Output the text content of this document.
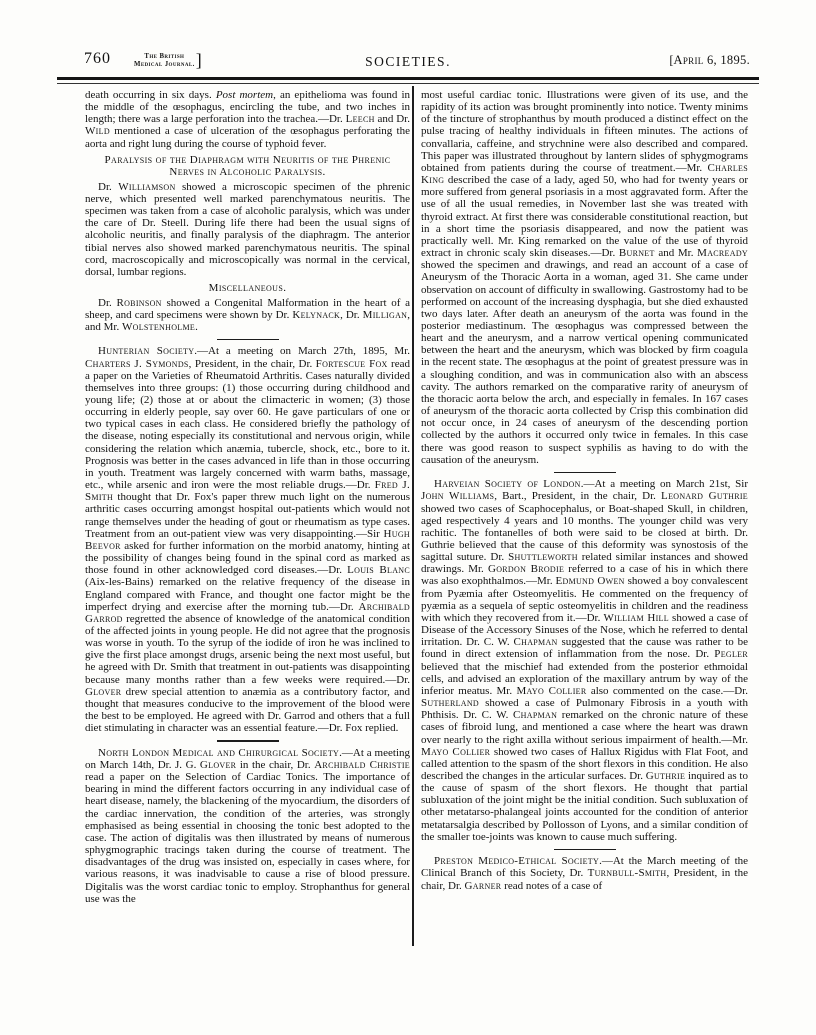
760	The British
Medical Journal. ]	SOCIETIES.	[April 6, 1895.

death occurring in six days. Post mortem, an epithelioma was found in the middle of the œsophagus, encircling the tube, and two inches in length; there was a large perforation into the trachea.—Dr. Leech and Dr. Wild mentioned a case of ulceration of the œsophagus perforating the aorta and right lung during the course of typhoid fever.

Paralysis of the Diaphragm with Neuritis of the Phrenic Nerves in Alcoholic Paralysis.

Dr. Williamson showed a microscopic specimen of the phrenic nerve, which presented well marked parenchymatous neuritis. The specimen was taken from a case of alcoholic paralysis, which was under the care of Dr. Steell. During life there had been the usual signs of alcoholic neuritis, and finally paralysis of the diaphragm. The anterior tibial nerves also showed marked parenchymatous neuritis. The spinal cord, macroscopically and microscopically was normal in the cervical, dorsal, lumbar regions.

Miscellaneous.

Dr. Robinson showed a Congenital Malformation in the heart of a sheep, and card specimens were shown by Dr. Kelynack, Dr. Milligan, and Mr. Wolstenholme.

Hunterian Society.—At a meeting on March 27th, 1895, Mr. Charters J. Symonds, President, in the chair, Dr. Fortescue Fox read a paper on the Varieties of Rheumatoid Arthritis. Cases naturally divided themselves into three groups: (1) those occurring during childhood and young life; (2) those at or about the climacteric in women; (3) those occurring in elderly people, say over 60. He gave particulars of one or two typical cases in each class. He considered briefly the pathology of the disease, noting especially its constitutional and nervous origin, while considering the relation which anæmia, tubercle, shock, etc., bore to it. Prognosis was better in the cases advanced in life than in those occurring in youth. Treatment was largely concerned with warm baths, massage, etc., while arsenic and iron were the most reliable drugs.—Dr. Fred J. Smith thought that Dr. Fox's paper threw much light on the numerous arthritic cases occurring amongst hospital out-patients which would not range themselves under the heading of gout or rheumatism as type cases. Treatment from an out-patient view was very disappointing.—Sir Hugh Beevor asked for further information on the morbid anatomy, hinting at the possibility of changes being found in the spinal cord as marked as those found in other acknowledged cord diseases.—Dr. Louis Blanc (Aix-les-Bains) remarked on the relative frequency of the disease in England compared with France, and thought one factor might be the imperfect drying and exercise after the morning tub.—Dr. Archibald Garrod regretted the absence of knowledge of the anatomical condition of the affected joints in young people. He did not agree that the prognosis was worse in youth. To the syrup of the iodide of iron he was inclined to give the first place amongst drugs, arsenic being the next most useful, but he agreed with Dr. Smith that treatment in out-patients was disappointing because many months rather than a few weeks were required.—Dr. Glover drew special attention to anæmia as a contributory factor, and thought that measures conducive to the improvement of the blood were the best to be employed. He agreed with Dr. Garrod and others that a full diet stimulating in character was an essential feature.—Dr. Fox replied.

North London Medical and Chirurgical Society.—At a meeting on March 14th, Dr. J. G. Glover in the chair, Dr. Archibald Christie read a paper on the Selection of Cardiac Tonics. The importance of bearing in mind the different factors occurring in any individual case of heart disease, namely, the blackening of the myocardium, the disorders of the cardiac innervation, the condition of the arteries, was strongly emphasised as being essential in choosing the tonic best adopted to the case. The action of digitalis was then illustrated by means of numerous sphygmographic tracings taken during the course of treatment. The disadvantages of the drug was insisted on, especially in cases where, for various reasons, it was inadvisable to cause a rise of blood pressure. Digitalis was the worst cardiac tonic to employ. Strophanthus for general use was the

most useful cardiac tonic. Illustrations were given of its use, and the rapidity of its action was brought prominently into notice. Twenty minims of the tincture of strophanthus by mouth produced a distinct effect on the pulse tracing of healthy individuals in fifteen minutes. The actions of convallaria, caffeine, and strychnine were also described and compared. This paper was illustrated throughout by lantern slides of sphygmograms obtained from patients during the course of treatment.—Mr. Charles King described the case of a lady, aged 50, who had for twenty years or more suffered from general psoriasis in a most aggravated form. After the use of all the usual remedies, in November last she was treated with thyroid extract. At first there was considerable constitutional reaction, but in a short time the psoriasis disappeared, and now the patient was practically well. Mr. King remarked on the value of the use of thyroid extract in chronic scaly skin diseases.—Dr. Burnet and Mr. Macready showed the specimen and drawings, and read an account of a case of Aneurysm of the Thoracic Aorta in a woman, aged 31. She came under observation on account of difficulty in swallowing. Gastrostomy had to be performed on account of the increasing dysphagia, but she died exhausted two days later. After death an aneurysm of the aorta was found in the posterior mediastinum. The œsophagus was compressed between the heart and the aneurysm, and a narrow vertical opening communicated between the heart and the aneurysm, which was blocked by firm coagula in the recent state. The œsophagus at the point of greatest pressure was in a sloughing condition, and was in communication also with an abscess cavity. The authors remarked on the comparative rarity of aneurysm of the thoracic aorta below the arch, and especially in females. In 167 cases of aneurysm of the thoracic aorta collected by Crisp this combination did not occur once, in 24 cases of aneurysm of the descending portion collected by the authors it occurred only twice in females. In this case there was good reason to suspect syphilis as having to do with the causation of the aneurysm.

Harveian Society of London.—At a meeting on March 21st, Sir John Williams, Bart., President, in the chair, Dr. Leonard Guthrie showed two cases of Scaphocephalus, or Boat-shaped Skull, in children, aged respectively 4 years and 10 months. The younger child was very rachitic. The fontanelles of both were said to be closed at birth. Dr. Guthrie believed that the cause of this deformity was synostosis of the sagittal suture. Dr. Shuttleworth related similar instances and showed drawings. Mr. Gordon Brodie referred to a case of his in which there was also exophthalmos.—Mr. Edmund Owen showed a boy convalescent from Pyæmia after Osteomyelitis. He commented on the frequency of pyæmia as a sequela of septic osteomyelitis in children and the readiness with which they recovered from it.—Dr. William Hill showed a case of Disease of the Accessory Sinuses of the Nose, which he referred to dental irritation. Dr. C. W. Chapman suggested that the cause was rather to be found in direct extension of inflammation from the nose. Dr. Pegler believed that the mischief had extended from the posterior ethmoidal cells, and advised an exploration of the maxillary antrum by way of the inferior meatus. Mr. Mayo Collier also commented on the case.—Dr. Sutherland showed a case of Pulmonary Fibrosis in a youth with Phthisis. Dr. C. W. Chapman remarked on the chronic nature of these cases of fibroid lung, and mentioned a case where the heart was drawn over nearly to the right axilla without serious impairment of health.—Mr. Mayo Collier showed two cases of Hallux Rigidus with Flat Foot, and called attention to the spasm of the short flexors in this condition. He also described the changes in the articular surfaces. Dr. Guthrie inquired as to the cause of spasm of the short flexors. He thought that partial subluxation of the joint might be the initial condition. Such subluxation of other metatarso-phalangeal joints accounted for the condition of anterior metatarsalgia described by Pollosson of Lyons, and a similar condition of the smaller toe-joints was known to cause much suffering.

Preston Medico-Ethical Society.—At the March meeting of the Clinical Branch of this Society, Dr. Turnbull-Smith, President, in the chair, Dr. Garner read notes of a case of
